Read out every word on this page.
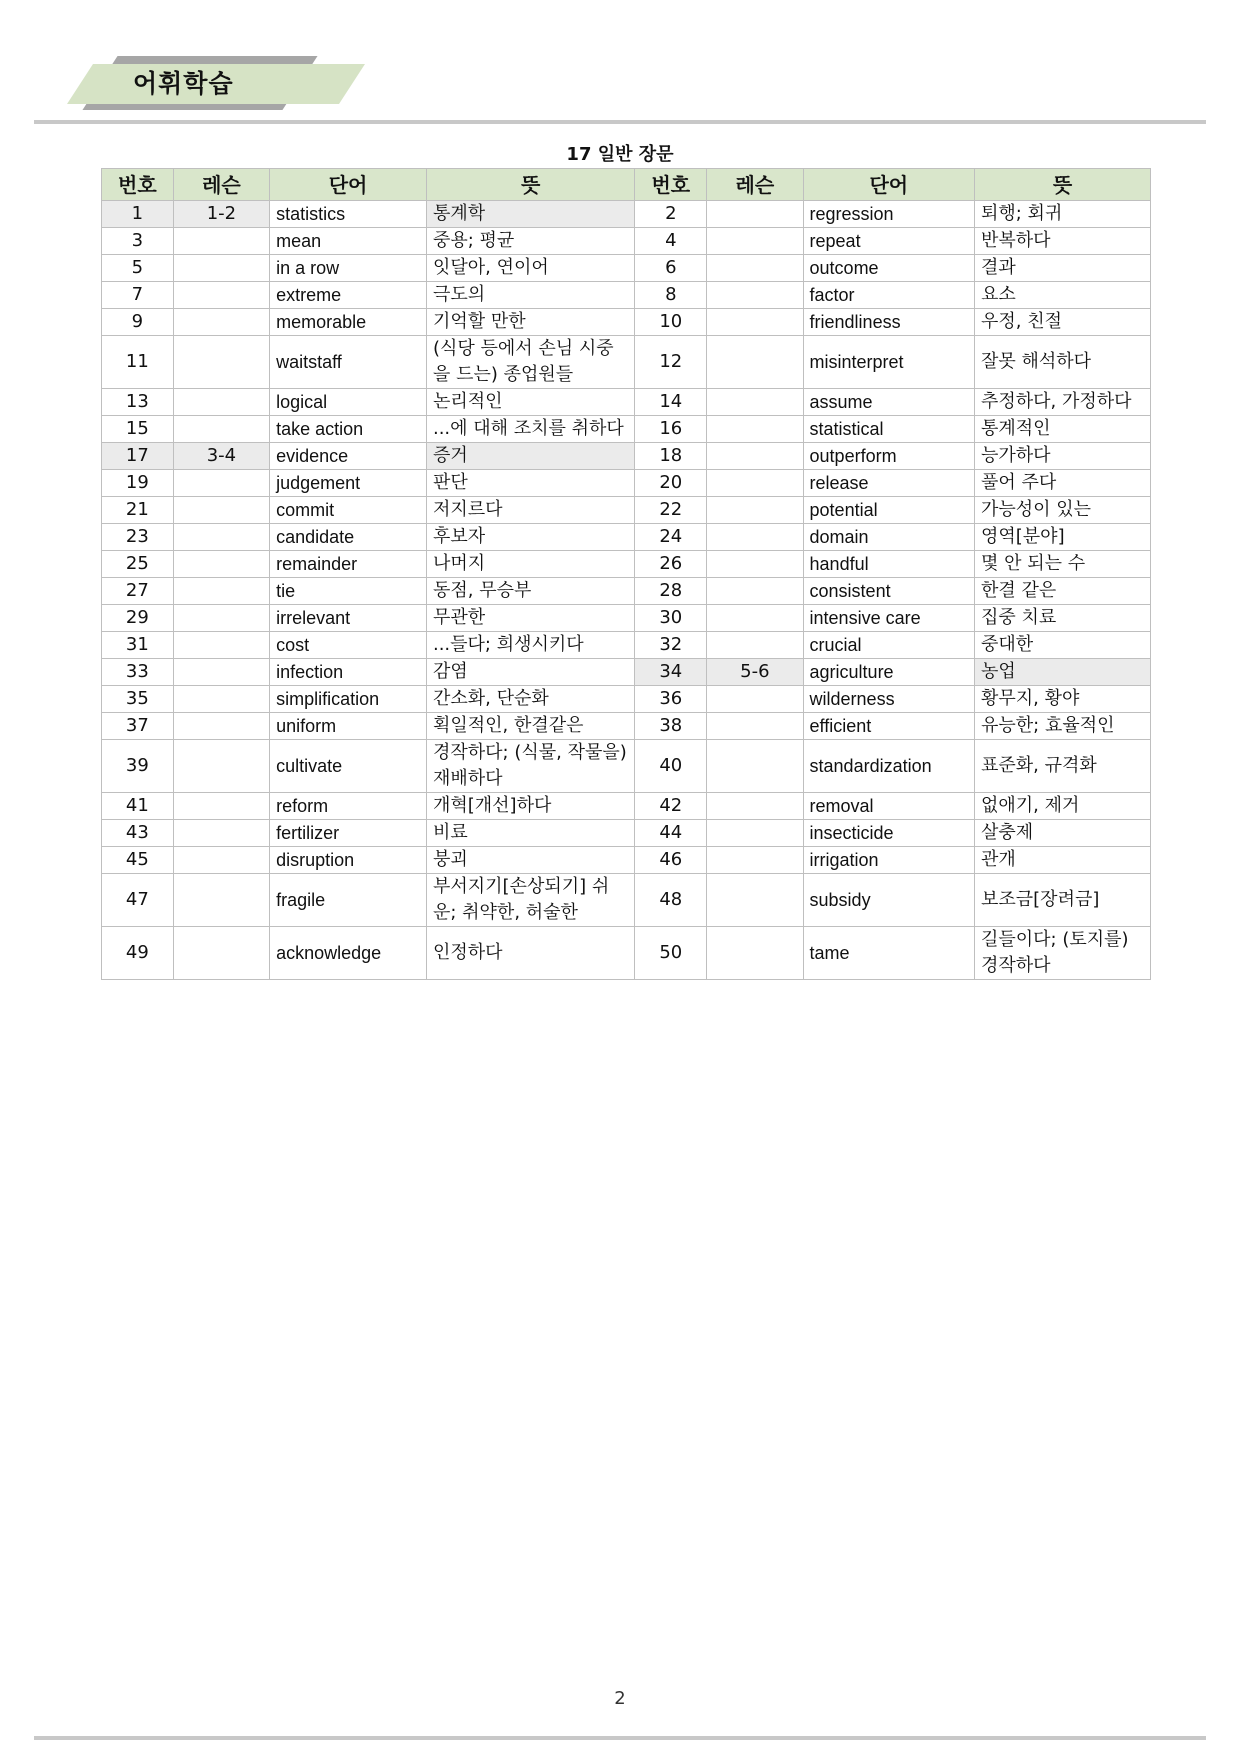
어휘학습
17 일반 장문
번호	레슨	단어	뜻	번호	레슨	단어	뜻
1	1-2	statistics	통계학	2		regression	퇴행; 회귀
3		mean	중용; 평균	4		repeat	반복하다
5		in a row	잇달아, 연이어	6		outcome	결과
7		extreme	극도의	8		factor	요소
9		memorable	기억할 만한	10		friendliness	우정, 친절
11		waitstaff	(식당 등에서 손님 시중을 드는) 종업원들	12		misinterpret	잘못 해석하다
13		logical	논리적인	14		assume	추정하다, 가정하다
15		take action	...에 대해 조치를 취하다	16		statistical	통계적인
17	3-4	evidence	증거	18		outperform	능가하다
19		judgement	판단	20		release	풀어 주다
21		commit	저지르다	22		potential	가능성이 있는
23		candidate	후보자	24		domain	영역[분야]
25		remainder	나머지	26		handful	몇 안 되는 수
27		tie	동점, 무승부	28		consistent	한결 같은
29		irrelevant	무관한	30		intensive care	집중 치료
31		cost	...들다; 희생시키다	32		crucial	중대한
33		infection	감염	34	5-6	agriculture	농업
35		simplification	간소화, 단순화	36		wilderness	황무지, 황야
37		uniform	획일적인, 한결같은	38		efficient	유능한; 효율적인
39		cultivate	경작하다; (식물, 작물을) 재배하다	40		standardization	표준화, 규격화
41		reform	개혁[개선]하다	42		removal	없애기, 제거
43		fertilizer	비료	44		insecticide	살충제
45		disruption	붕괴	46		irrigation	관개
47		fragile	부서지기[손상되기] 쉬운; 취약한, 허술한	48		subsidy	보조금[장려금]
49		acknowledge	인정하다	50		tame	길들이다; (토지를) 경작하다
2
